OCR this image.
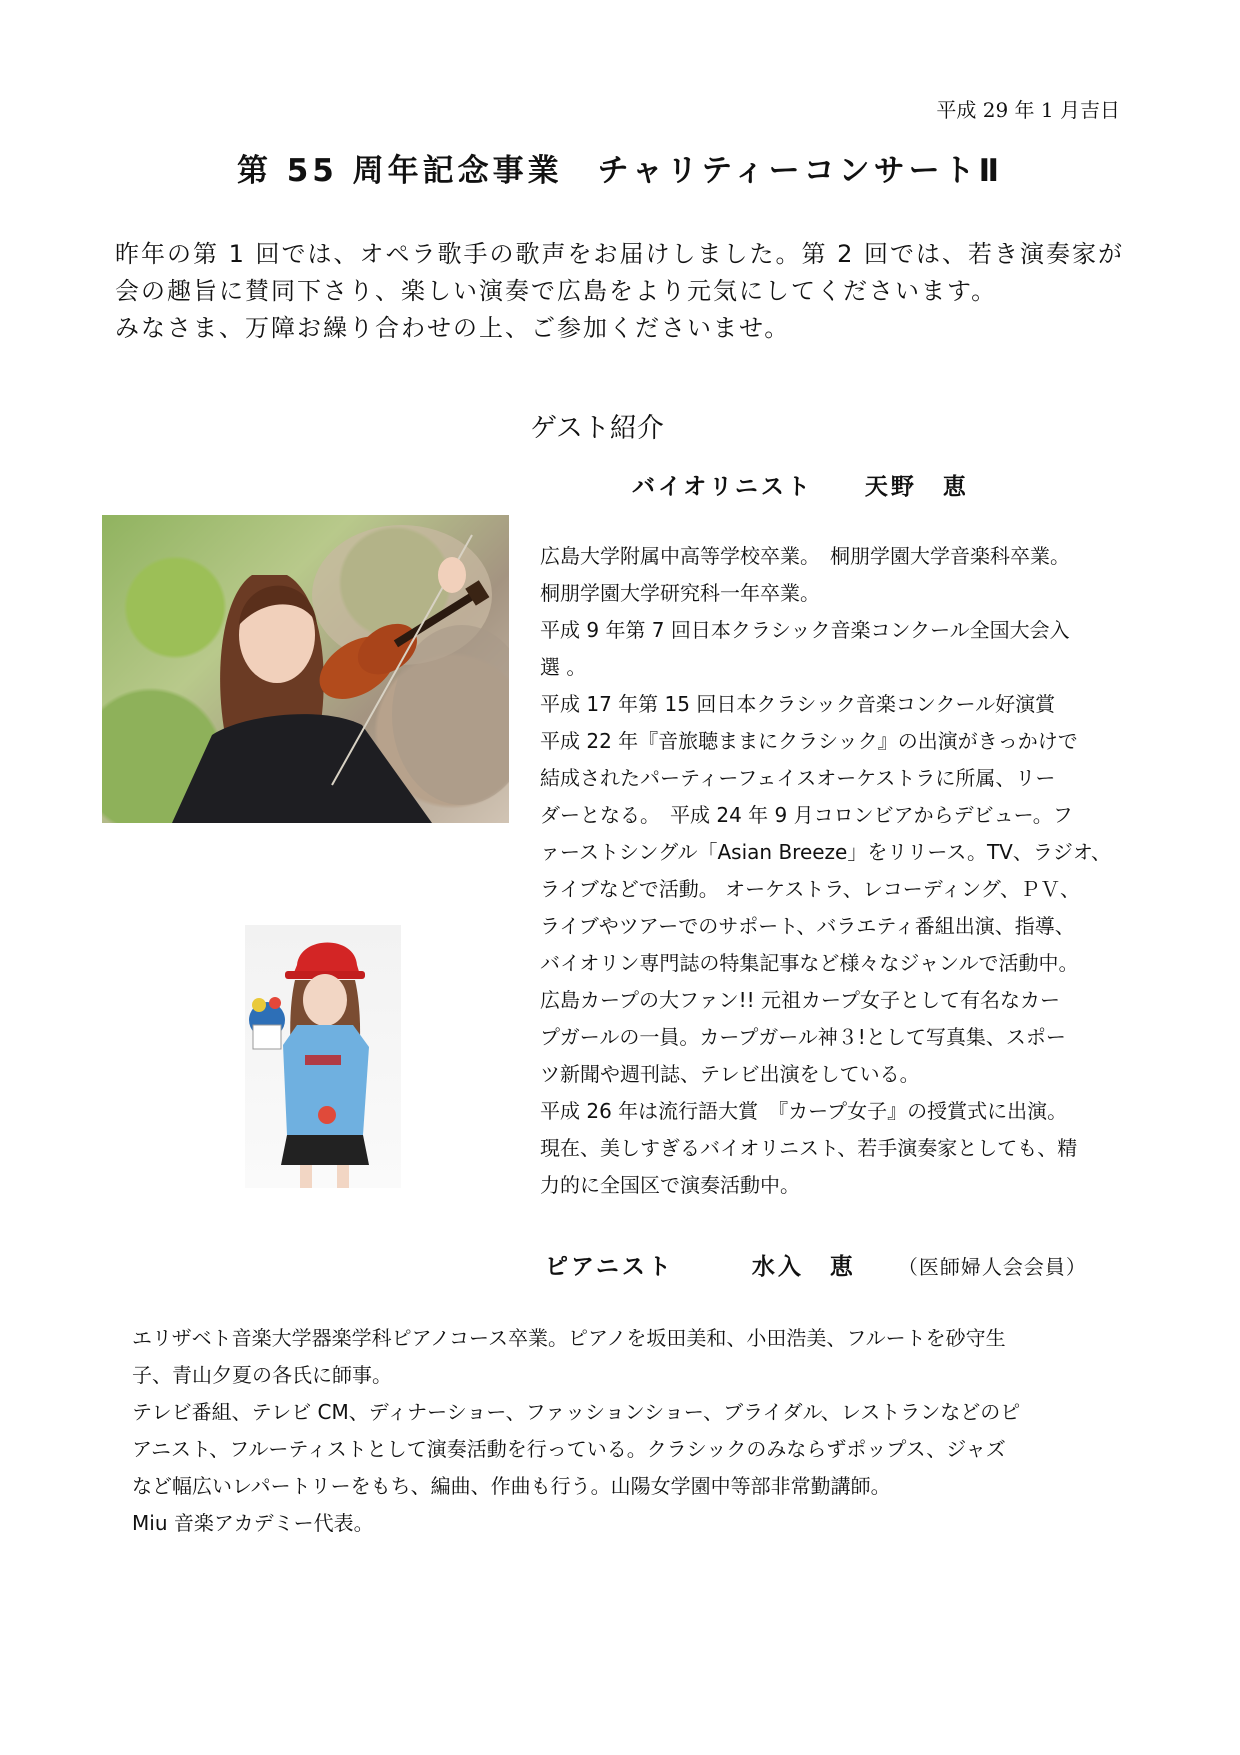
平成 29 年 1 月吉日
第 55 周年記念事業　チャリティーコンサートⅡ

昨年の第 1 回では、オペラ歌手の歌声をお届けしました。第 2 回では、若き演奏家が

会の趣旨に賛同下さり、楽しい演奏で広島をより元気にしてくださいます。

みなさま、万障お繰り合わせの上、ご参加くださいませ。

ゲスト紹介
バイオリニスト　　天野　恵

広島大学附属中高等学校卒業。　桐朋学園大学音楽科卒業。

桐朋学園大学研究科一年卒業。

平成 9 年第 7 回日本クラシック音楽コンクール全国大会入

選 。

平成 17 年第 15 回日本クラシック音楽コンクール好演賞

平成 22 年『音旅聴ままにクラシック』の出演がきっかけで

結成されたパーティーフェイスオーケストラに所属、リー

ダーとなる。　平成 24 年 9 月コロンビアからデビュー。フ

ァーストシングル「Asian Breeze」をリリース。TV、ラジオ、

ライブなどで活動。 オーケストラ、レコーディング、ＰＶ、

ライブやツアーでのサポート、バラエティ番組出演、指導、

バイオリン専門誌の特集記事など様々なジャンルで活動中。

広島カープの大ファン!! 元祖カープ女子として有名なカー

プガールの一員。カープガール神３!として写真集、スポー

ツ新聞や週刊誌、テレビ出演をしている。

平成 26 年は流行語大賞　『カープ女子』の授賞式に出演。

現在、美しすぎるバイオリニスト、若手演奏家としても、精

力的に全国区で演奏活動中。

ピアニスト　　　水入　恵　　	（医師婦人会会員）

エリザベト音楽大学器楽学科ピアノコース卒業。ピアノを坂田美和、小田浩美、フルートを砂守生

子、青山夕夏の各氏に師事。

テレビ番組、テレビ CM、ディナーショー、ファッションショー、ブライダル、レストランなどのピ

アニスト、フルーティストとして演奏活動を行っている。クラシックのみならずポップス、ジャズ

など幅広いレパートリーをもち、編曲、作曲も行う。山陽女学園中等部非常勤講師。

Miu 音楽アカデミー代表。
